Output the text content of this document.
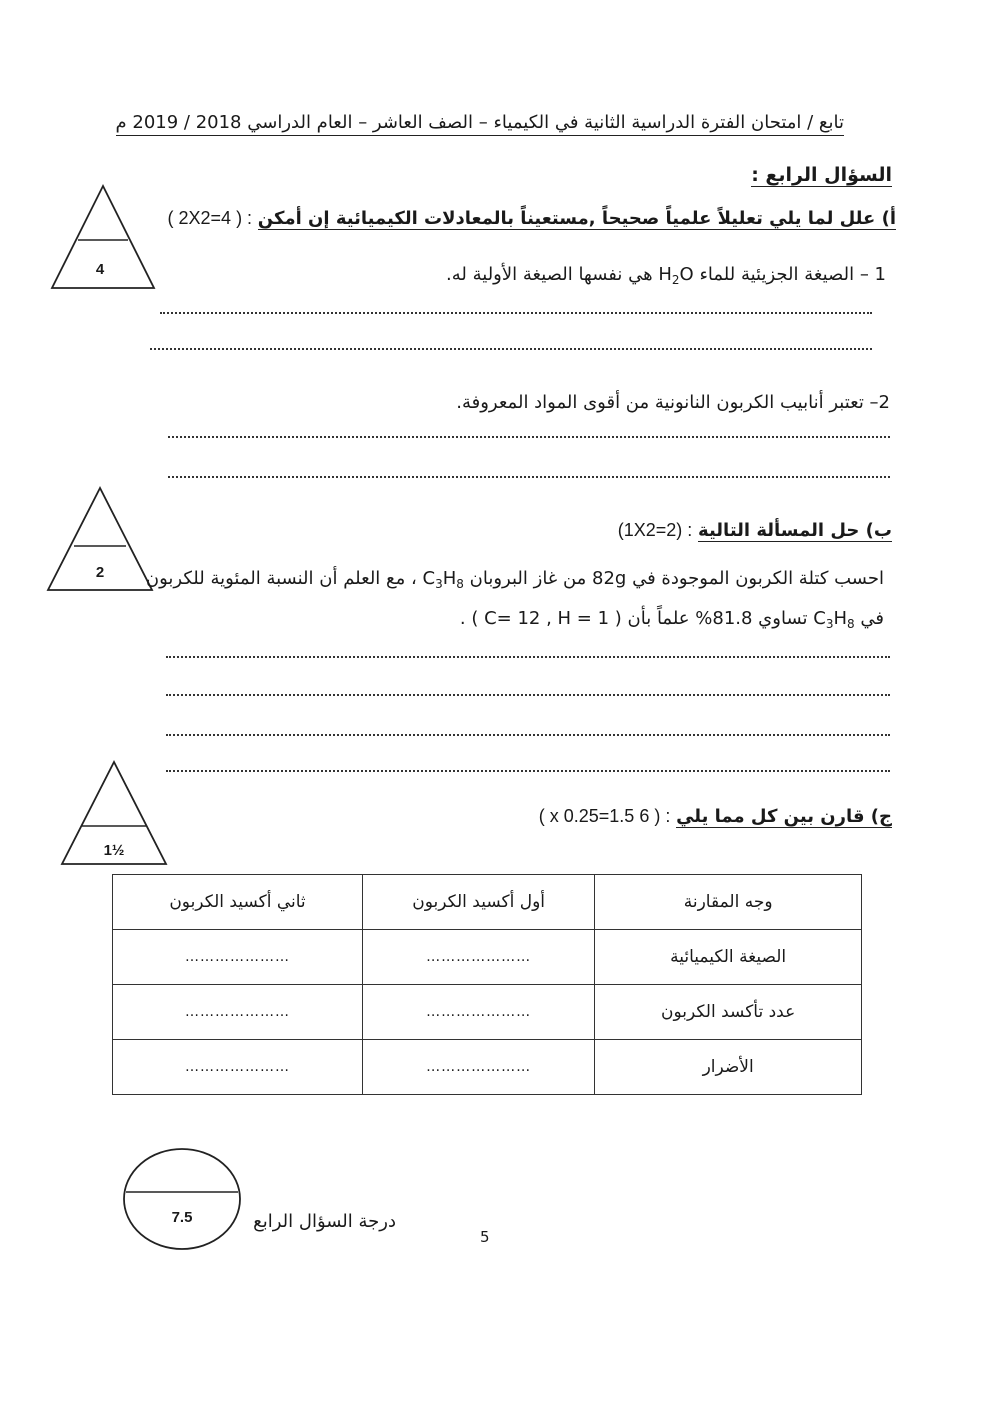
تابع / امتحان الفترة الدراسية الثانية في الكيمياء – الصف العاشر – العام الدراسي 2018 / 2019 م
السؤال الرابع :
أ) علل لما يلي تعليلاً علمياً صحيحاً ,مستعيناً بالمعادلات الكيميائية إن أمكن : ( 2X2=4 )
4	1 – الصيغة الجزيئية للماء $H_2O$ هي نفسها الصيغة الأولية له.
2– تعتبر أنابيب الكربون النانونية من أقوى المواد المعروفة.
2
ب) حل المسألة التالية : (1X2=2)
احسب كتلة الكربون الموجودة في 82g من غاز البروبان $C_3H_8$ ، مع العلم أن النسبة المئوية للكربون
في $C_3H_8$ تساوي 81.8% علماً بأن ( C= 12 , H = 1 ) .
1½
ج) قارن بين كل مما يلي : ( 6 x 0.25=1.5 )
وجه المقارنة	أول أكسيد الكربون	ثاني أكسيد الكربون
الصيغة الكيميائية	…………………	…………………
عدد تأكسد الكربون	…………………	…………………
الأضرار	…………………	…………………
7.5	درجة السؤال الرابع
5
